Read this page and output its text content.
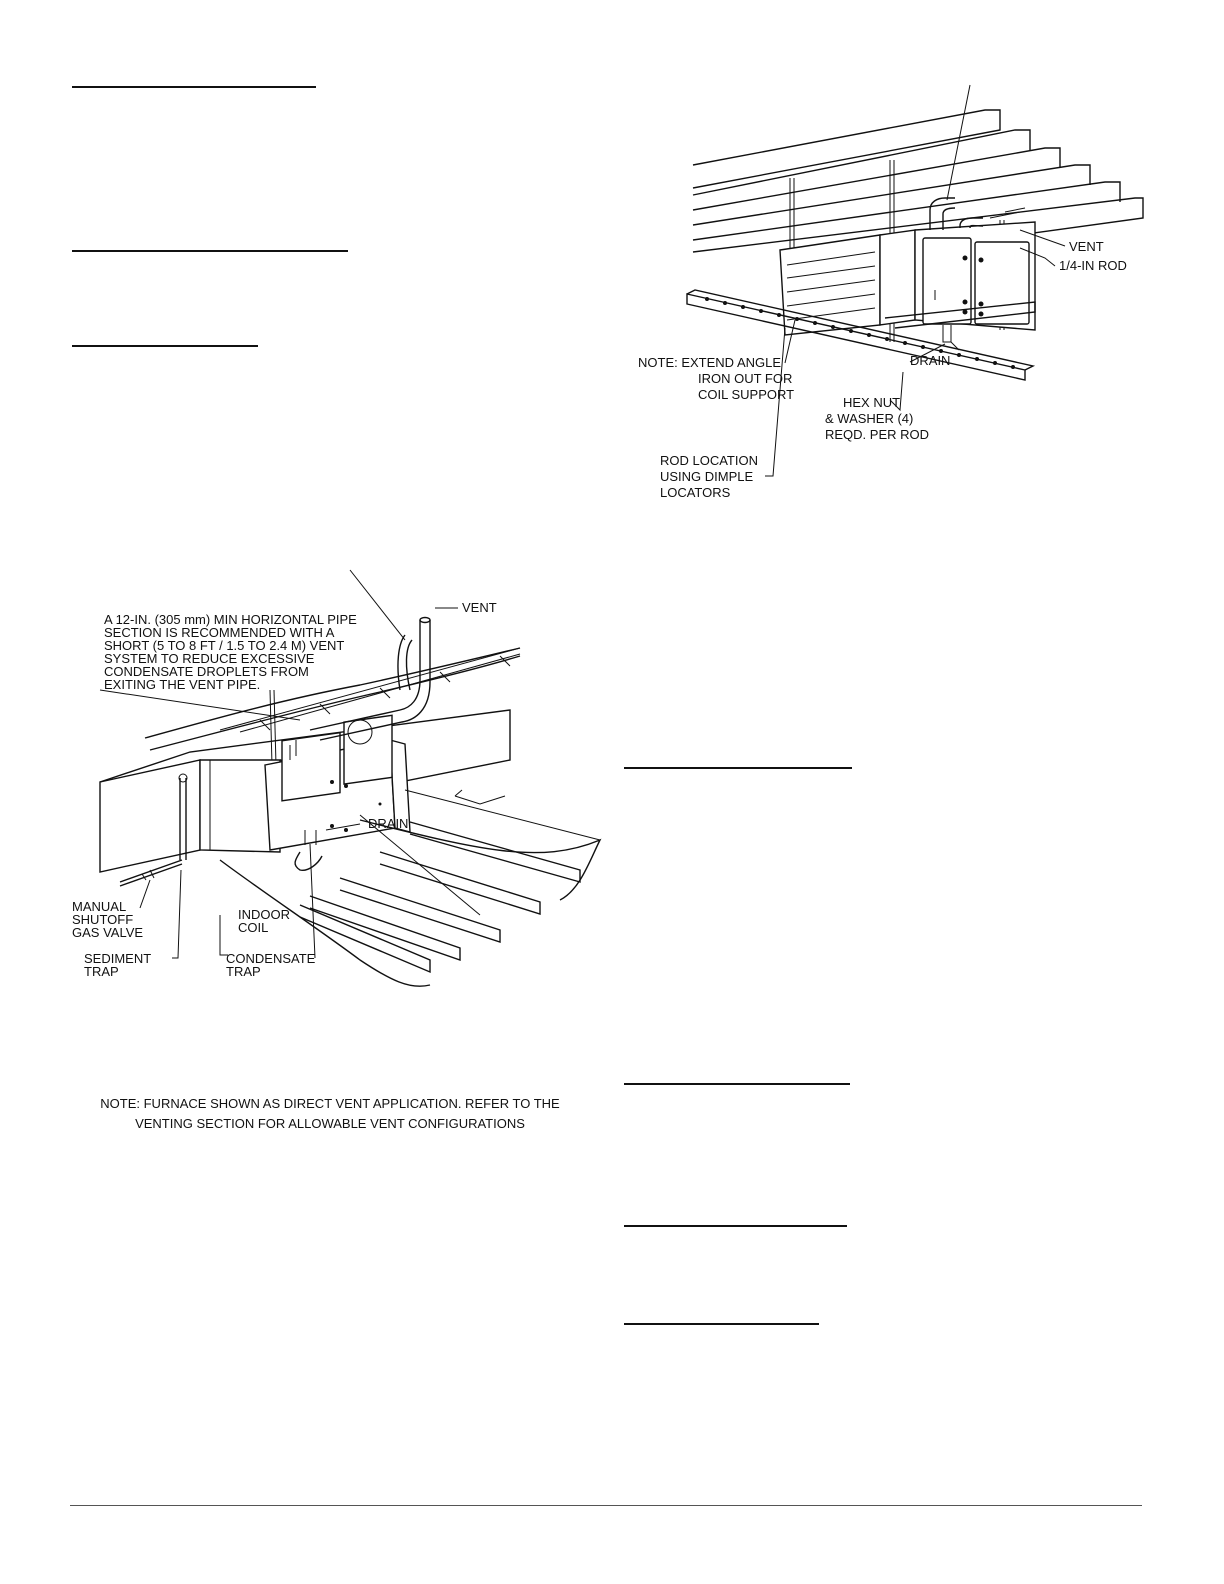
A 12-IN. (305 mm) MIN HORIZONTAL PIPE
SECTION IS RECOMMENDED WITH A
SHORT (5 TO 8 FT / 1.5 TO 2.4 M) VENT
SYSTEM TO REDUCE EXCESSIVE
CONDENSATE DROPLETS FROM
EXITING THE VENT PIPE.
VENT
DRAIN
MANUAL
SHUTOFF
GAS VALVE
INDOOR
COIL
SEDIMENT
TRAP
CONDENSATE
TRAP
NOTE: FURNACE SHOWN AS DIRECT VENT APPLICATION. REFER TO THE
VENTING SECTION FOR ALLOWABLE VENT CONFIGURATIONS
VENT
1/4-IN ROD
DRAIN
NOTE: EXTEND ANGLE
IRON OUT FOR
COIL SUPPORT
HEX NUT
& WASHER (4)
REQD. PER ROD
ROD LOCATION
USING DIMPLE
LOCATORS
